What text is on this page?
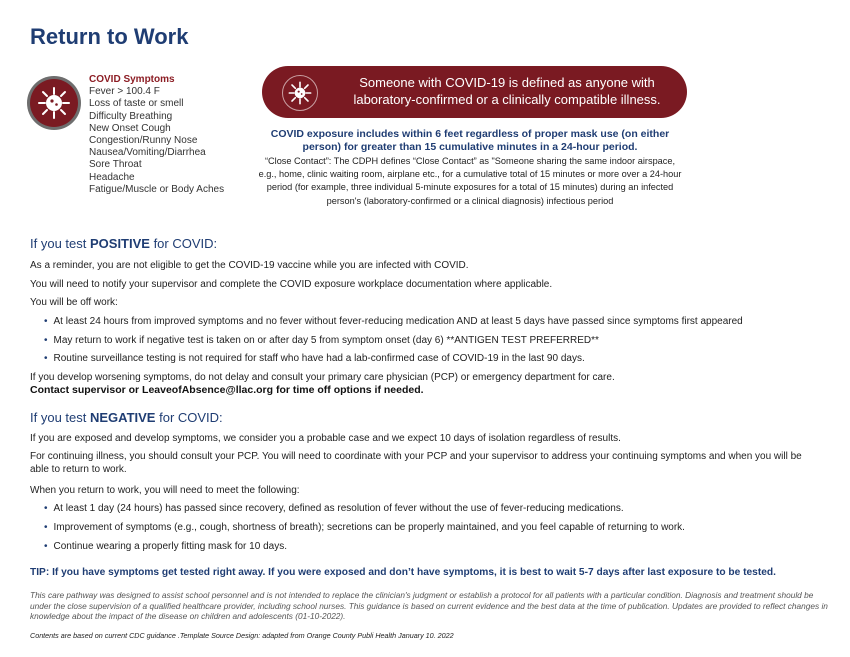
Return to Work
COVID Symptoms
Fever > 100.4 F
Loss of taste or smell
Difficulty Breathing
New Onset Cough
Congestion/Runny Nose
Nausea/Vomiting/Diarrhea
Sore Throat
Headache
Fatigue/Muscle or Body Aches
Someone with COVID-19 is defined as anyone with
laboratory-confirmed or a clinically compatible illness.
COVID exposure includes within 6 feet regardless of proper mask use (on either person) for greater than 15 cumulative minutes in a 24-hour period.
“Close Contact”: The CDPH defines “Close Contact” as "Someone sharing the same indoor airspace, e.g., home, clinic waiting room, airplane etc., for a cumulative total of 15 minutes or more over a 24-hour period (for example, three individual 5-minute exposures for a total of 15 minutes) during an infected person's (laboratory-confirmed or a clinical diagnosis) infectious period
If you test POSITIVE for COVID:

As a reminder, you are not eligible to get the COVID-19 vaccine while you are infected with COVID.

You will need to notify your supervisor and complete the COVID exposure workplace documentation where applicable.

You will be off work:

• At least 24 hours from improved symptoms and no fever without fever-reducing medication AND at least 5 days have passed since symptoms first appeared

• May return to work if negative test is taken on or after day 5 from symptom onset (day 6) **ANTIGEN TEST PREFERRED**

• Routine surveillance testing is not required for staff who have had a lab-confirmed case of COVID-19 in the last 90 days.

If you develop worsening symptoms, do not delay and consult your primary care physician (PCP) or emergency department for care.

Contact supervisor or LeaveofAbsence@llac.org for time off options if needed.

If you test NEGATIVE for COVID:

If you are exposed and develop symptoms, we consider you a probable case and we expect 10 days of isolation regardless of results.

For continuing illness, you should consult your PCP. You will need to coordinate with your PCP and your supervisor to address your continuing symptoms and when you will be able to return to work.

When you return to work, you will need to meet the following:

• At least 1 day (24 hours) has passed since recovery, defined as resolution of fever without the use of fever-reducing medications.

• Improvement of symptoms (e.g., cough, shortness of breath); secretions can be properly maintained, and you feel capable of returning to work.

• Continue wearing a properly fitting mask for 10 days.

TIP: If you have symptoms get tested right away. If you were exposed and don’t have symptoms, it is best to wait 5-7 days after last exposure to be tested.

This care pathway was designed to assist school personnel and is not intended to replace the clinician's judgment or establish a protocol for all patients with a particular condition. Diagnosis and treatment should be under the close supervision of a qualified healthcare provider, including school nurses. This guidance is based on current evidence and the best data at the time of publication. Updates are provided to reflect changes in knowledge about the impact of the disease on children and adolescents (01-10-2022).

Contents are based on current CDC guidance .Template Source Design: adapted from Orange County Publi Health January 10. 2022
